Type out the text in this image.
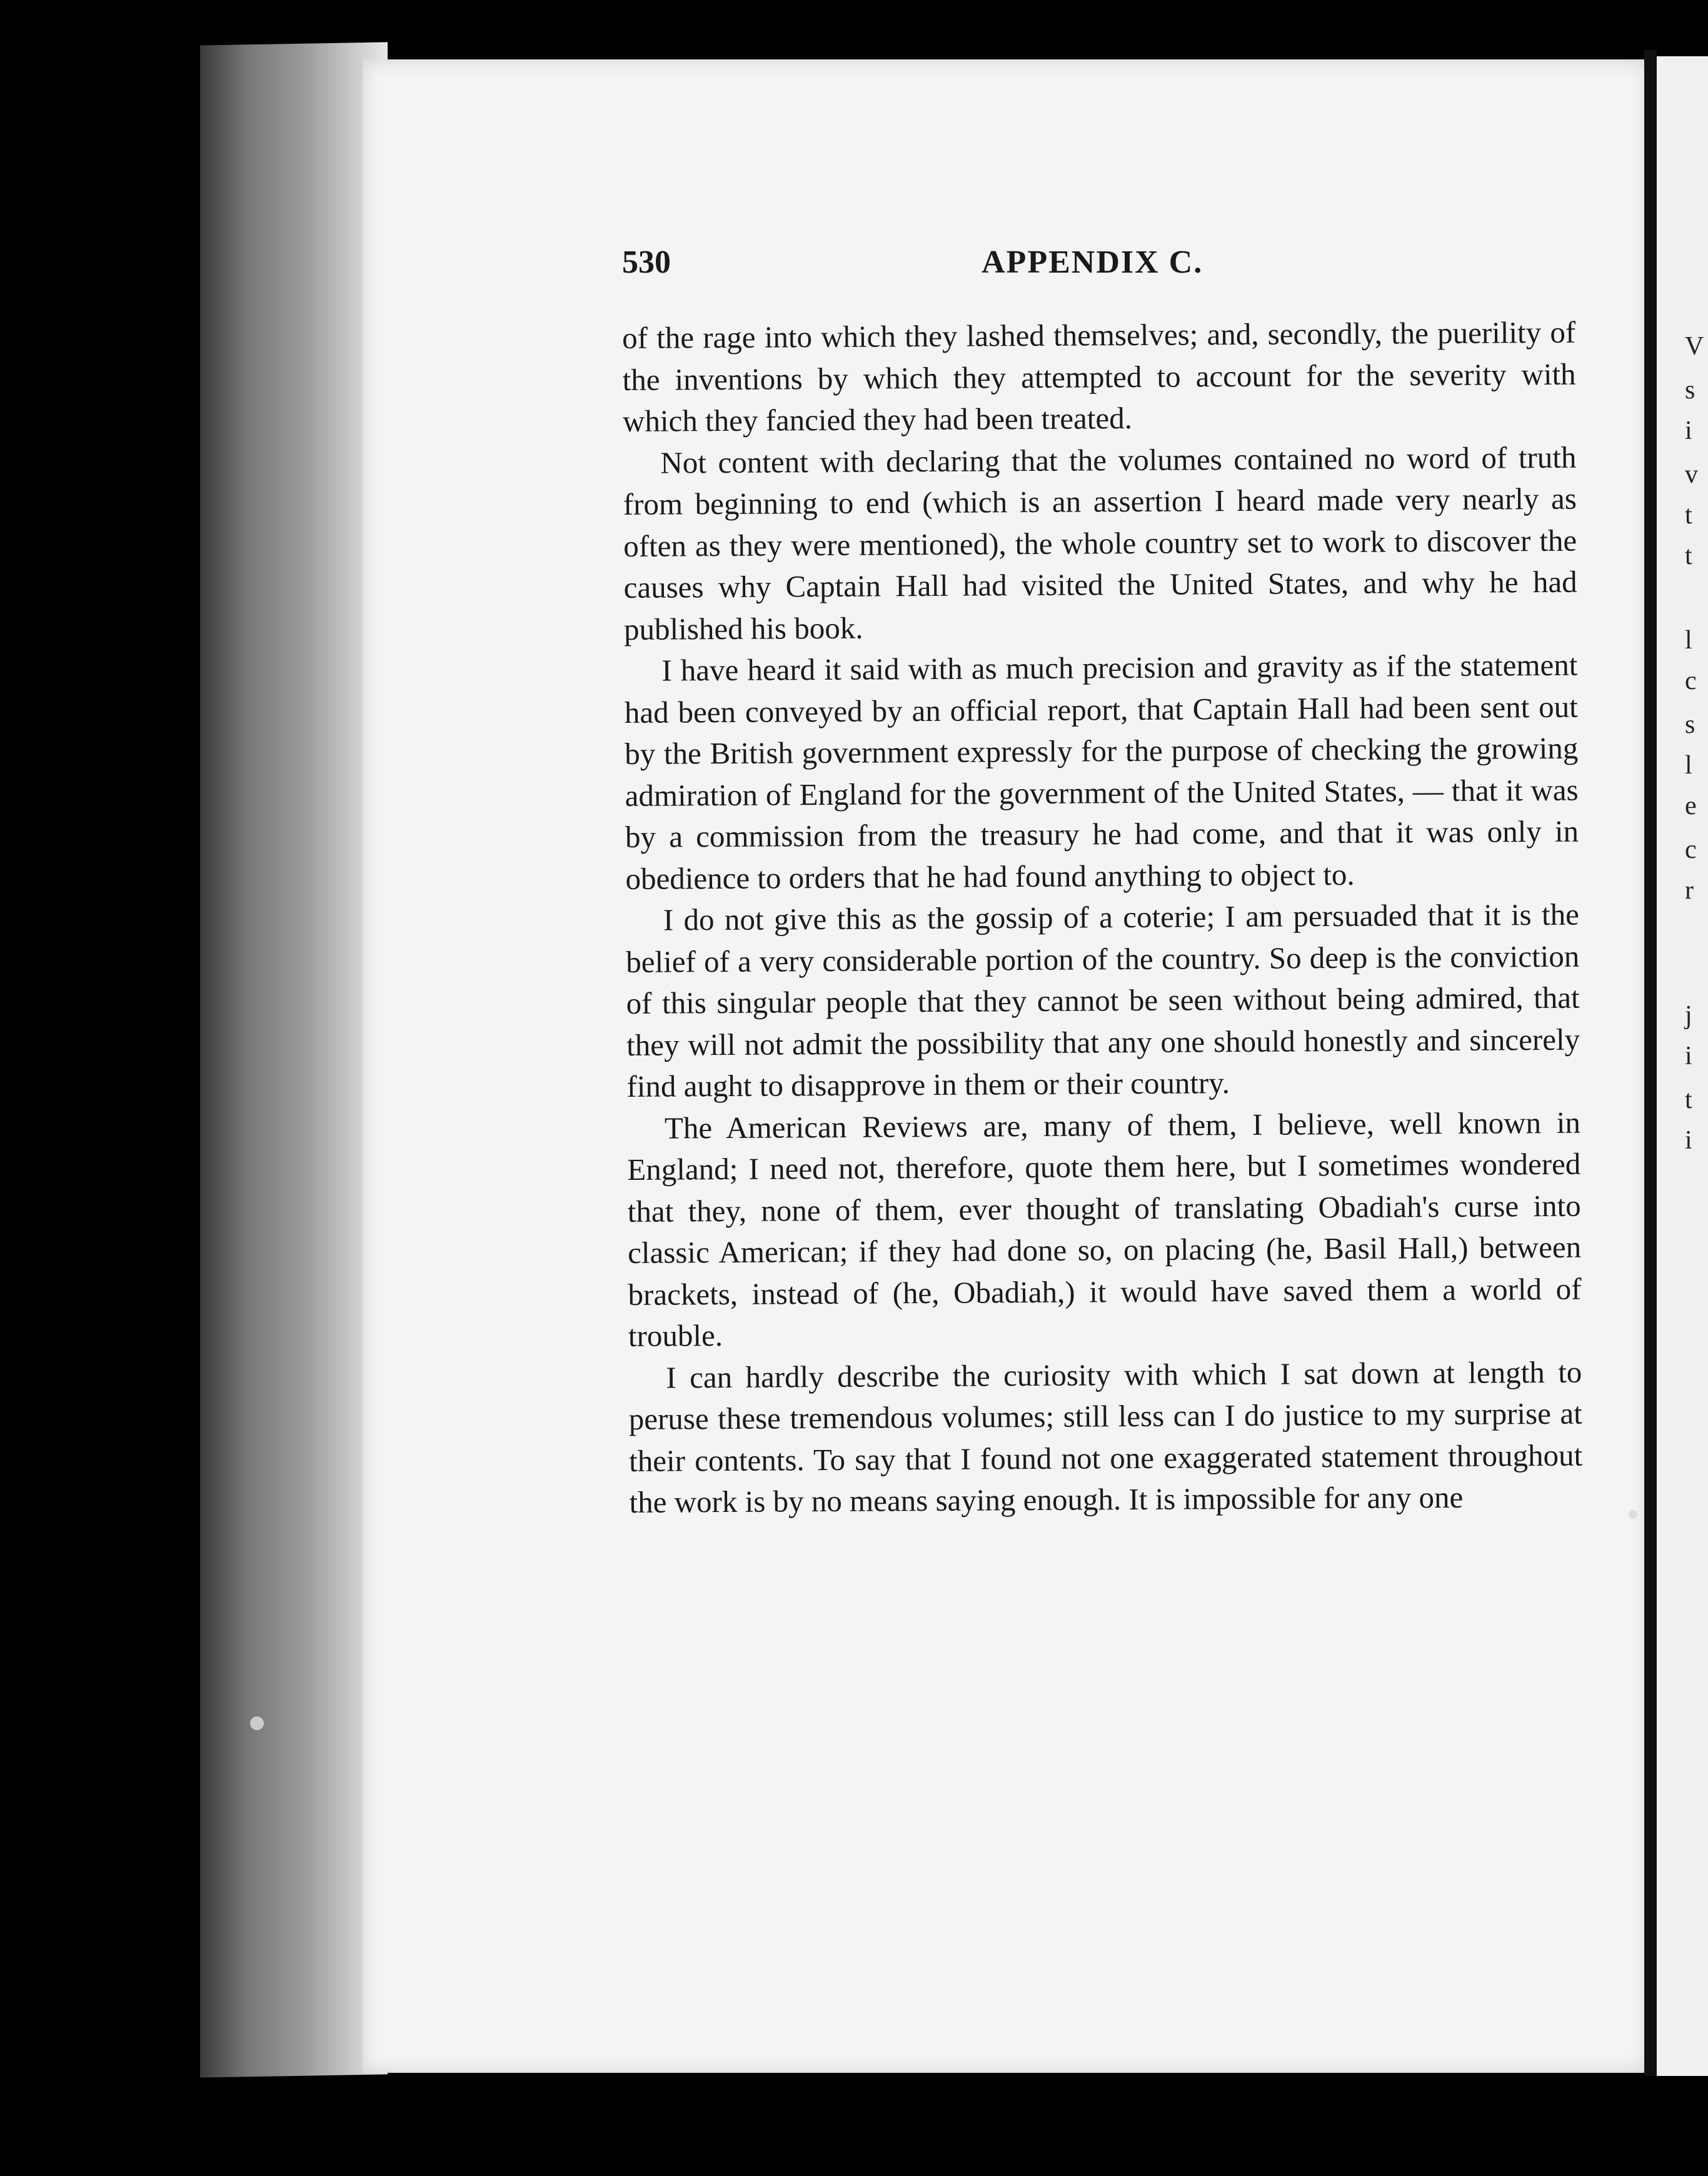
V
s
i
v
t
t
l
c
s
l
e
c
r
j
i
t
i
530	APPENDIX C.

of the rage into which they lashed themselves; and, secondly, the puerility of the inventions by which they attempted to account for the severity with which they fancied they had been treated.

Not content with declaring that the volumes contained no word of truth from beginning to end (which is an assertion I heard made very nearly as often as they were mentioned), the whole country set to work to discover the causes why Captain Hall had visited the United States, and why he had published his book.

I have heard it said with as much precision and gravity as if the statement had been conveyed by an official report, that Captain Hall had been sent out by the British government expressly for the purpose of checking the growing admiration of England for the government of the United States, — that it was by a commission from the treasury he had come, and that it was only in obedience to orders that he had found anything to object to.

I do not give this as the gossip of a coterie; I am persuaded that it is the belief of a very considerable portion of the country. So deep is the conviction of this singular people that they cannot be seen without being admired, that they will not admit the possibility that any one should honestly and sincerely find aught to disapprove in them or their country.

The American Reviews are, many of them, I believe, well known in England; I need not, therefore, quote them here, but I sometimes wondered that they, none of them, ever thought of translating Obadiah's curse into classic American; if they had done so, on placing (he, Basil Hall,) between brackets, instead of (he, Obadiah,) it would have saved them a world of trouble.

I can hardly describe the curiosity with which I sat down at length to peruse these tremendous volumes; still less can I do justice to my surprise at their contents. To say that I found not one exaggerated statement throughout the work is by no means saying enough. It is impossible for any one
